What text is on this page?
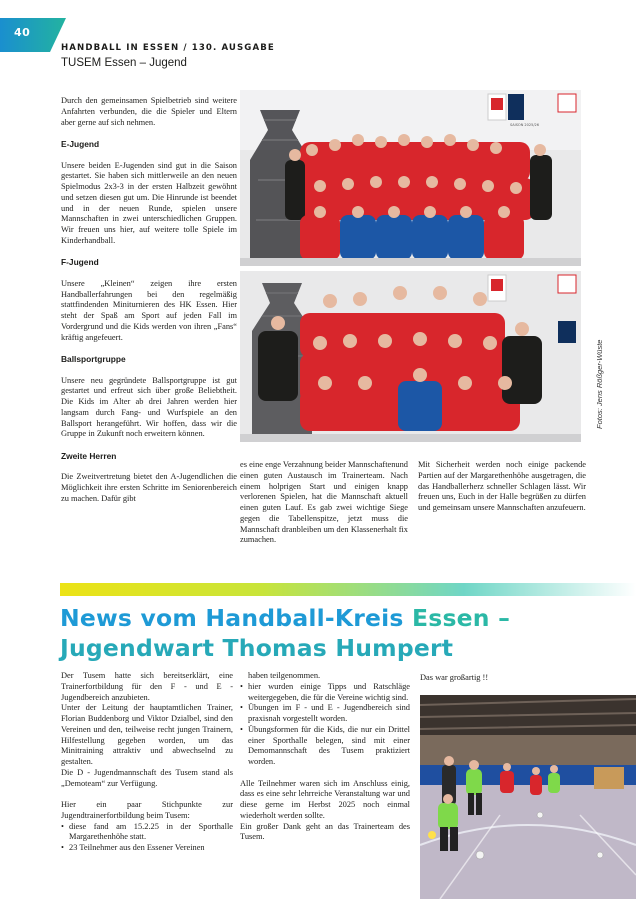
40
HANDBALL IN ESSEN / 130. AUSGABE
TUSEM Essen – Jugend

Durch den gemeinsamen Spielbetrieb sind weitere Anfahrten verbunden, die die Spieler und Eltern aber gerne auf sich nehmen.

E-Jugend

Unsere beiden E-Jugenden sind gut in die Saison gestartet. Sie haben sich mittlerweile an den neuen Spielmodus 2x3-3 in der ersten Halbzeit gewöhnt und setzen diesen gut um. Die Hinrunde ist beendet und in der neuen Runde, spielen unsere Mannschaften in zwei unterschiedlichen Gruppen. Wir freuen uns hier, auf weitere tolle Spiele im Kinderhandball.

F-Jugend

Unsere „Kleinen“ zeigen ihre ersten Handballerfahrungen bei den regelmäßig stattfindenden Miniturnieren des HK Essen. Hier steht der Spaß am Sport auf jeden Fall im Vordergrund und die Kids werden von ihren „Fans“ kräftig angefeuert.

Ballsportgruppe

Unsere neu gegründete Ballsportgruppe ist gut gestartet und erfreut sich über große Beliebtheit. Die Kids im Alter ab drei Jahren werden hier langsam durch Fang- und Wurfspiele an den Ballsport herangeführt. Wir hoffen, dass wir die Gruppe in Zukunft noch erweitern können.

Zweite Herren

Die Zweitvertretung bietet den A-Jugendlichen die Möglichkeit ihre ersten Schritte im Seniorenbereich zu machen. Dafür gibt

SAISON 2025/26
Fotos: Jens Rößger-Wüste

es eine enge Verzahnung beider Mannschaftenund einen guten Austausch im Trainerteam. Nach einem holprigen Start und einigen knapp verlorenen Spielen, hat die Mannschaft aktuell einen guten Lauf. Es gab zwei wichtige Siege gegen die Tabellenspitze, jetzt muss die Mannschaft dranbleiben um den Klassenerhalt fix zumachen.

Mit Sicherheit werden noch einige packende Partien auf der Margarethenhöhe ausgetragen, die das Handballerherz schneller Schlagen lässt. Wir freuen uns, Euch in der Halle begrüßen zu dürfen und gemeinsam unsere Mannschaften anzufeuern.

News vom Handball-Kreis Essen –
Jugendwart Thomas Humpert

Der Tusem hatte sich bereitserklärt, eine Trainerfortbildung für den F - und E - Jugendbereich anzubieten.

Unter der Leitung der hauptamtlichen Trainer, Florian Buddenborg und Viktor Dzialbel, sind den Vereinen und den, teilweise recht jungen Trainern, Hilfestellung gegeben worden, um das Minitraining attraktiv und abwechselnd zu gestalten.

Die D - Jugendmannschaft des Tusem stand als „Demoteam“ zur Verfügung.

Hier ein paar Stichpunkte zur Jugendtrainerfortbildung beim Tusem:

• diese fand am 15.2.25 in der Sporthalle Margarethenhöhe statt.
• 23 Teilnehmer aus den Essener Vereinen

haben teilgenommen.

• hier wurden einige Tipps und Ratschläge weitergegeben, die für die Vereine wichtig sind.
• Übungen im F - und E - Jugendbereich sind praxisnah vorgestellt worden.
• Übungsformen für die Kids, die nur ein Drittel einer Sporthalle belegen, sind mit einer Demomannschaft des Tusem praktiziert worden.

Alle Teilnehmer waren sich im Anschluss einig, dass es eine sehr lehrreiche Veranstaltung war und diese gerne im Herbst 2025 noch einmal wiederholt werden sollte.

Ein großer Dank geht an das Trainerteam des Tusem.

Das war großartig !!
